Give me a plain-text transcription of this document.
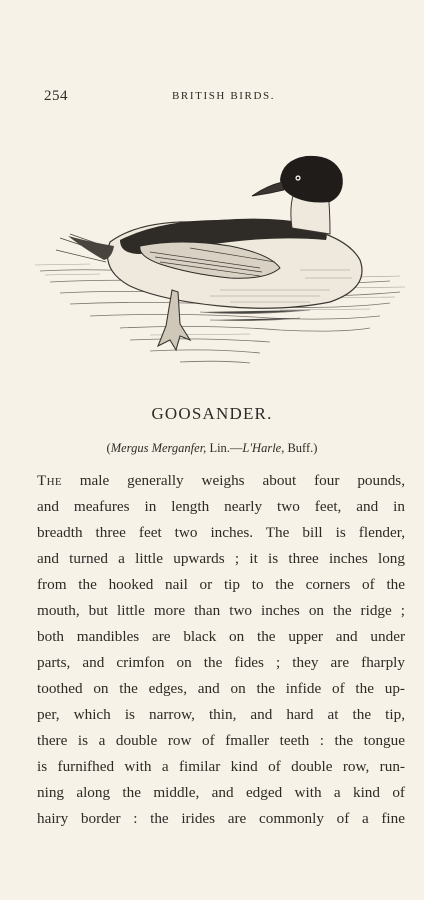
254	BRITISH BIRDS.
GOOSANDER.
(Mergus Merganfer, Lin.—L'Harle, Buff.)
The male generally weighs about four pounds,
and meafures in length nearly two feet, and in
breadth three feet two inches. The bill is flender,
and turned a little upwards ; it is three inches long
from the hooked nail or tip to the corners of the
mouth, but little more than two inches on the ridge ;
both mandibles are black on the upper and under
parts, and crimfon on the fides ; they are fharply
toothed on the edges, and on the infide of the up-
per, which is narrow, thin, and hard at the tip,
there is a double row of fmaller teeth : the tongue
is furnifhed with a fimilar kind of double row, run-
ning along the middle, and edged with a kind of
hairy border : the irides are commonly of a fine
